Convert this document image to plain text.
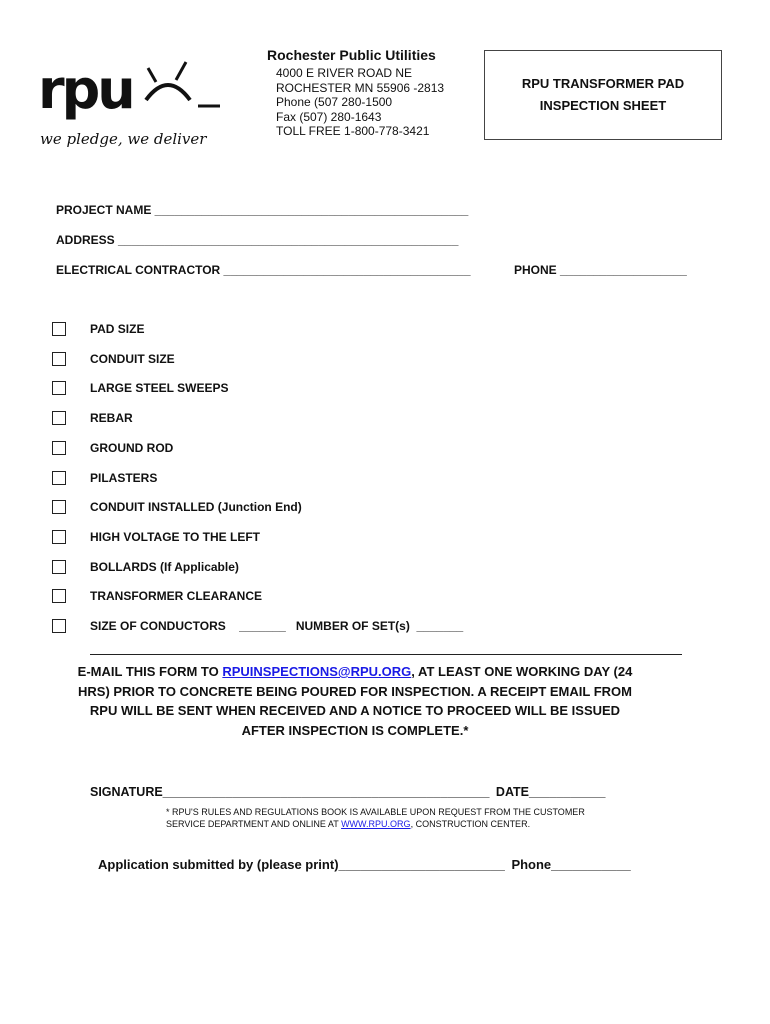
rpu
we pledge, we deliver
Rochester Public Utilities
4000 E RIVER ROAD NE
ROCHESTER MN 55906 -2813
Phone (507 280-1500
Fax (507) 280-1643
TOLL FREE 1-800-778-3421
RPU TRANSFORMER PAD
INSPECTION SHEET
PROJECT NAME _______________________________________________
ADDRESS ___________________________________________________
ELECTRICAL CONTRACTOR _____________________________________	PHONE ___________________
PAD SIZE
CONDUIT SIZE
LARGE STEEL SWEEPS
REBAR
GROUND ROD
PILASTERS
CONDUIT INSTALLED (Junction End)
HIGH VOLTAGE TO THE LEFT
BOLLARDS (If Applicable)
TRANSFORMER CLEARANCE
SIZE OF CONDUCTORS    _______   NUMBER OF SET(s)  _______
E-MAIL THIS FORM TO RPUINSPECTIONS@RPU.ORG, AT LEAST ONE WORKING DAY (24 HRS) PRIOR TO CONCRETE BEING POURED FOR INSPECTION. A RECEIPT EMAIL FROM RPU WILL BE SENT WHEN RECEIVED AND A NOTICE TO PROCEED WILL BE ISSUED AFTER INSPECTION IS COMPLETE.*
SIGNATURE_______________________________________________ DATE___________
* RPU'S RULES AND REGULATIONS BOOK IS AVAILABLE UPON REQUEST FROM THE CUSTOMER
SERVICE DEPARTMENT AND ONLINE AT WWW.RPU.ORG, CONSTRUCTION CENTER.
Application submitted by (please print)_______________________ Phone___________
